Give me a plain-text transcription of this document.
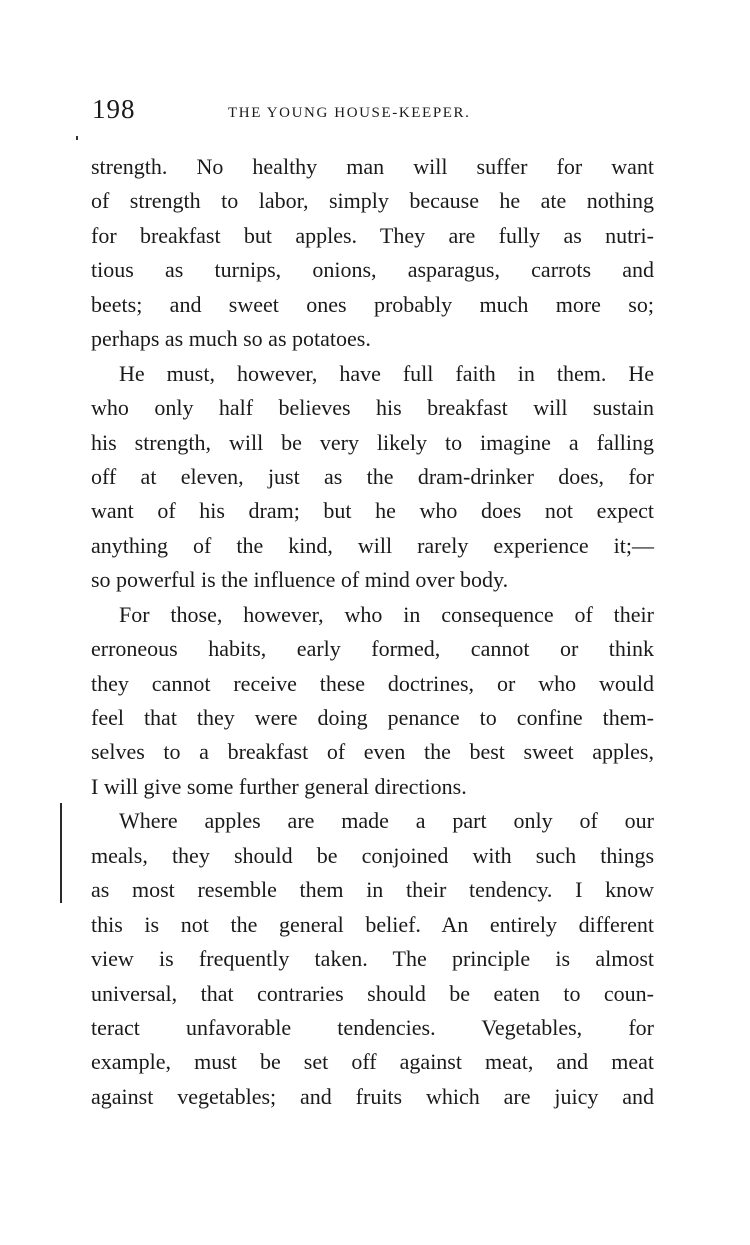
198	THE YOUNG HOUSE-KEEPER.
strength. No healthy man will suffer for want
of strength to labor, simply because he ate nothing
for breakfast but apples. They are fully as nutri-
tious as turnips, onions, asparagus, carrots and
beets; and sweet ones probably much more so;
perhaps as much so as potatoes.
He must, however, have full faith in them. He
who only half believes his breakfast will sustain
his strength, will be very likely to imagine a falling
off at eleven, just as the dram-drinker does, for
want of his dram; but he who does not expect
anything of the kind, will rarely experience it;—
so powerful is the influence of mind over body.
For those, however, who in consequence of their
erroneous habits, early formed, cannot or think
they cannot receive these doctrines, or who would
feel that they were doing penance to confine them-
selves to a breakfast of even the best sweet apples,
I will give some further general directions.
Where apples are made a part only of our
meals, they should be conjoined with such things
as most resemble them in their tendency. I know
this is not the general belief. An entirely different
view is frequently taken. The principle is almost
universal, that contraries should be eaten to coun-
teract unfavorable tendencies. Vegetables, for
example, must be set off against meat, and meat
against vegetables; and fruits which are juicy and
